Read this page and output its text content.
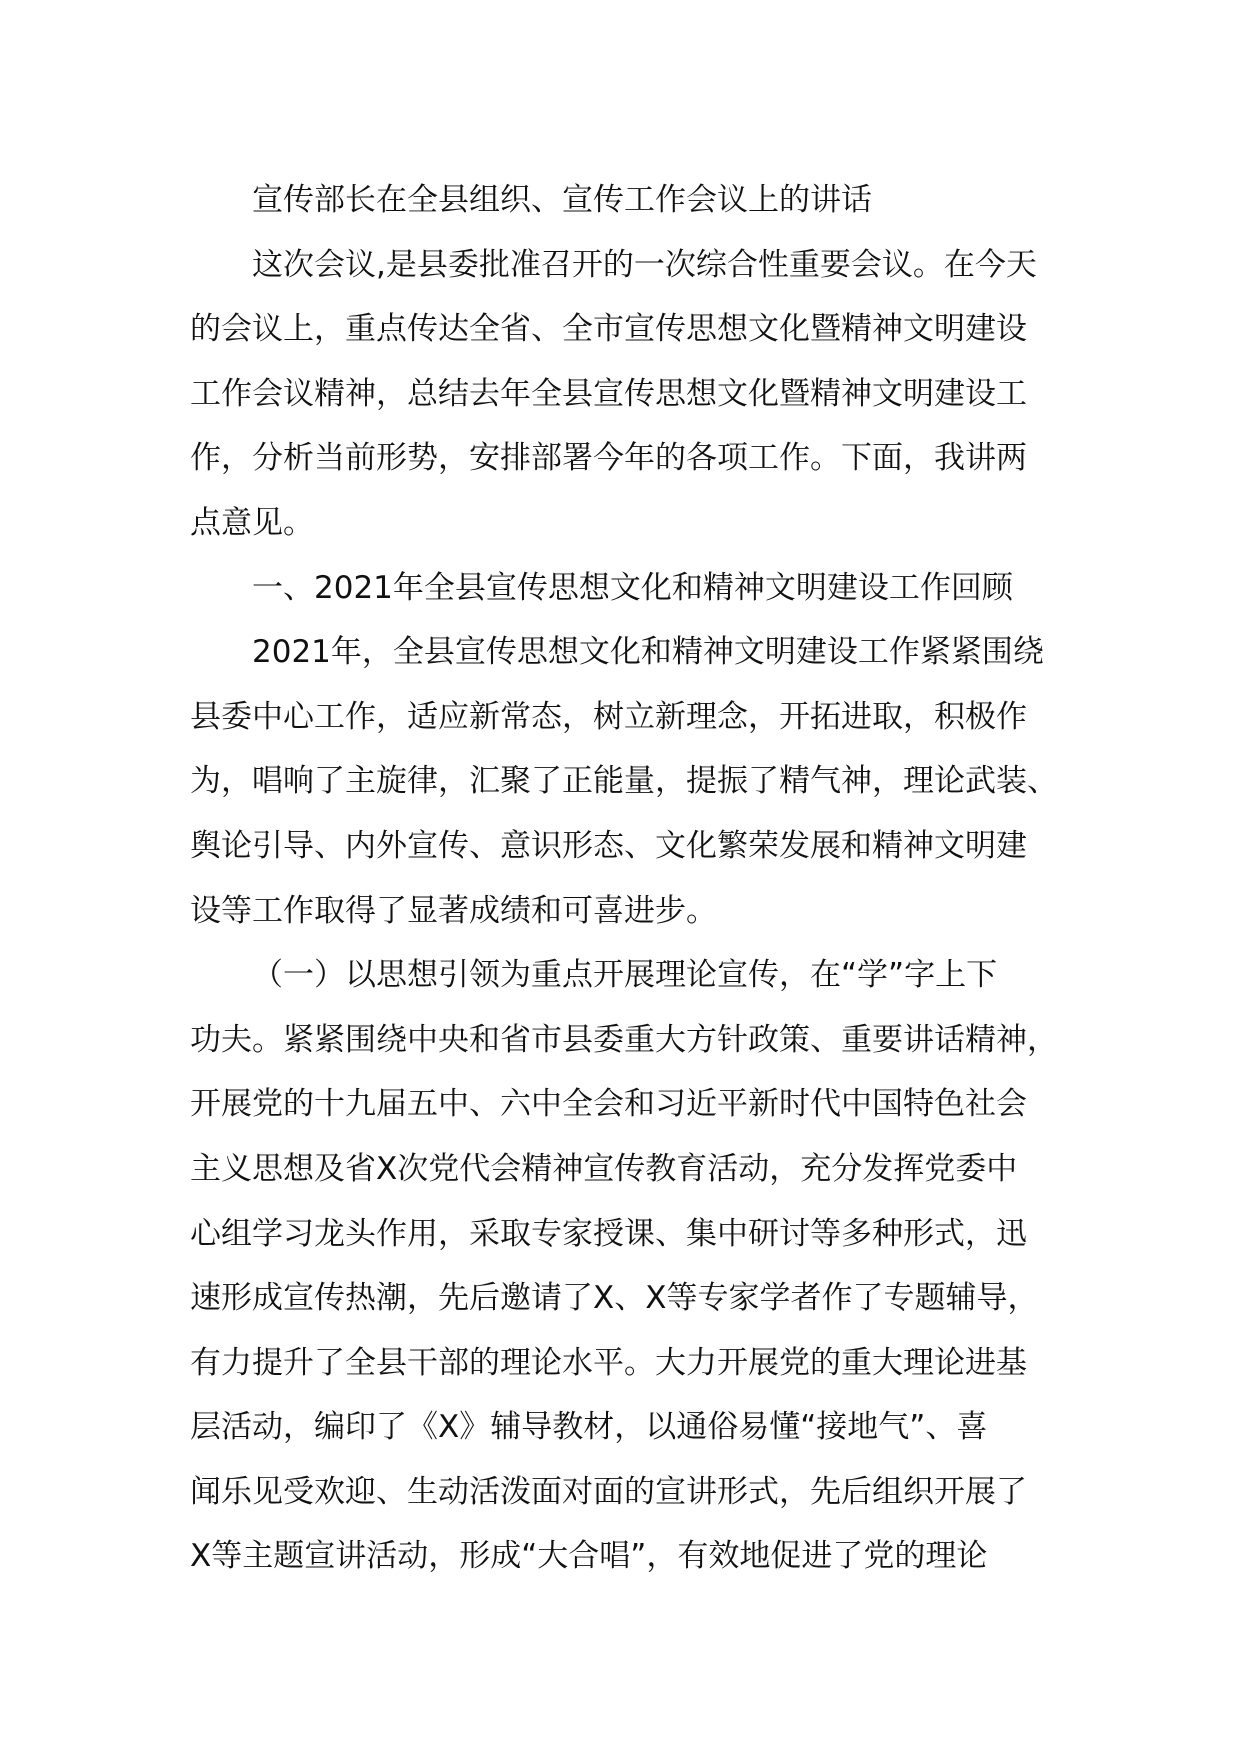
宣传部长在全县组织、宣传工作会议上的讲话
这次会议,是县委批准召开的一次综合性重要会议。在今天
的会议上，重点传达全省、全市宣传思想文化暨精神文明建设
工作会议精神，总结去年全县宣传思想文化暨精神文明建设工
作，分析当前形势，安排部署今年的各项工作。下面，我讲两
点意见。
一、2021年全县宣传思想文化和精神文明建设工作回顾
2021年，全县宣传思想文化和精神文明建设工作紧紧围绕
县委中心工作，适应新常态，树立新理念，开拓进取，积极作
为，唱响了主旋律，汇聚了正能量，提振了精气神，理论武装、
舆论引导、内外宣传、意识形态、文化繁荣发展和精神文明建
设等工作取得了显著成绩和可喜进步。
（一）以思想引领为重点开展理论宣传，在“学”字上下
功夫。紧紧围绕中央和省市县委重大方针政策、重要讲话精神，
开展党的十九届五中、六中全会和习近平新时代中国特色社会
主义思想及省X次党代会精神宣传教育活动，充分发挥党委中
心组学习龙头作用，采取专家授课、集中研讨等多种形式，迅
速形成宣传热潮，先后邀请了X、X等专家学者作了专题辅导，
有力提升了全县干部的理论水平。大力开展党的重大理论进基
层活动，编印了《X》辅导教材，以通俗易懂“接地气”、喜
闻乐见受欢迎、生动活泼面对面的宣讲形式，先后组织开展了
X等主题宣讲活动，形成“大合唱”，有效地促进了党的理论
